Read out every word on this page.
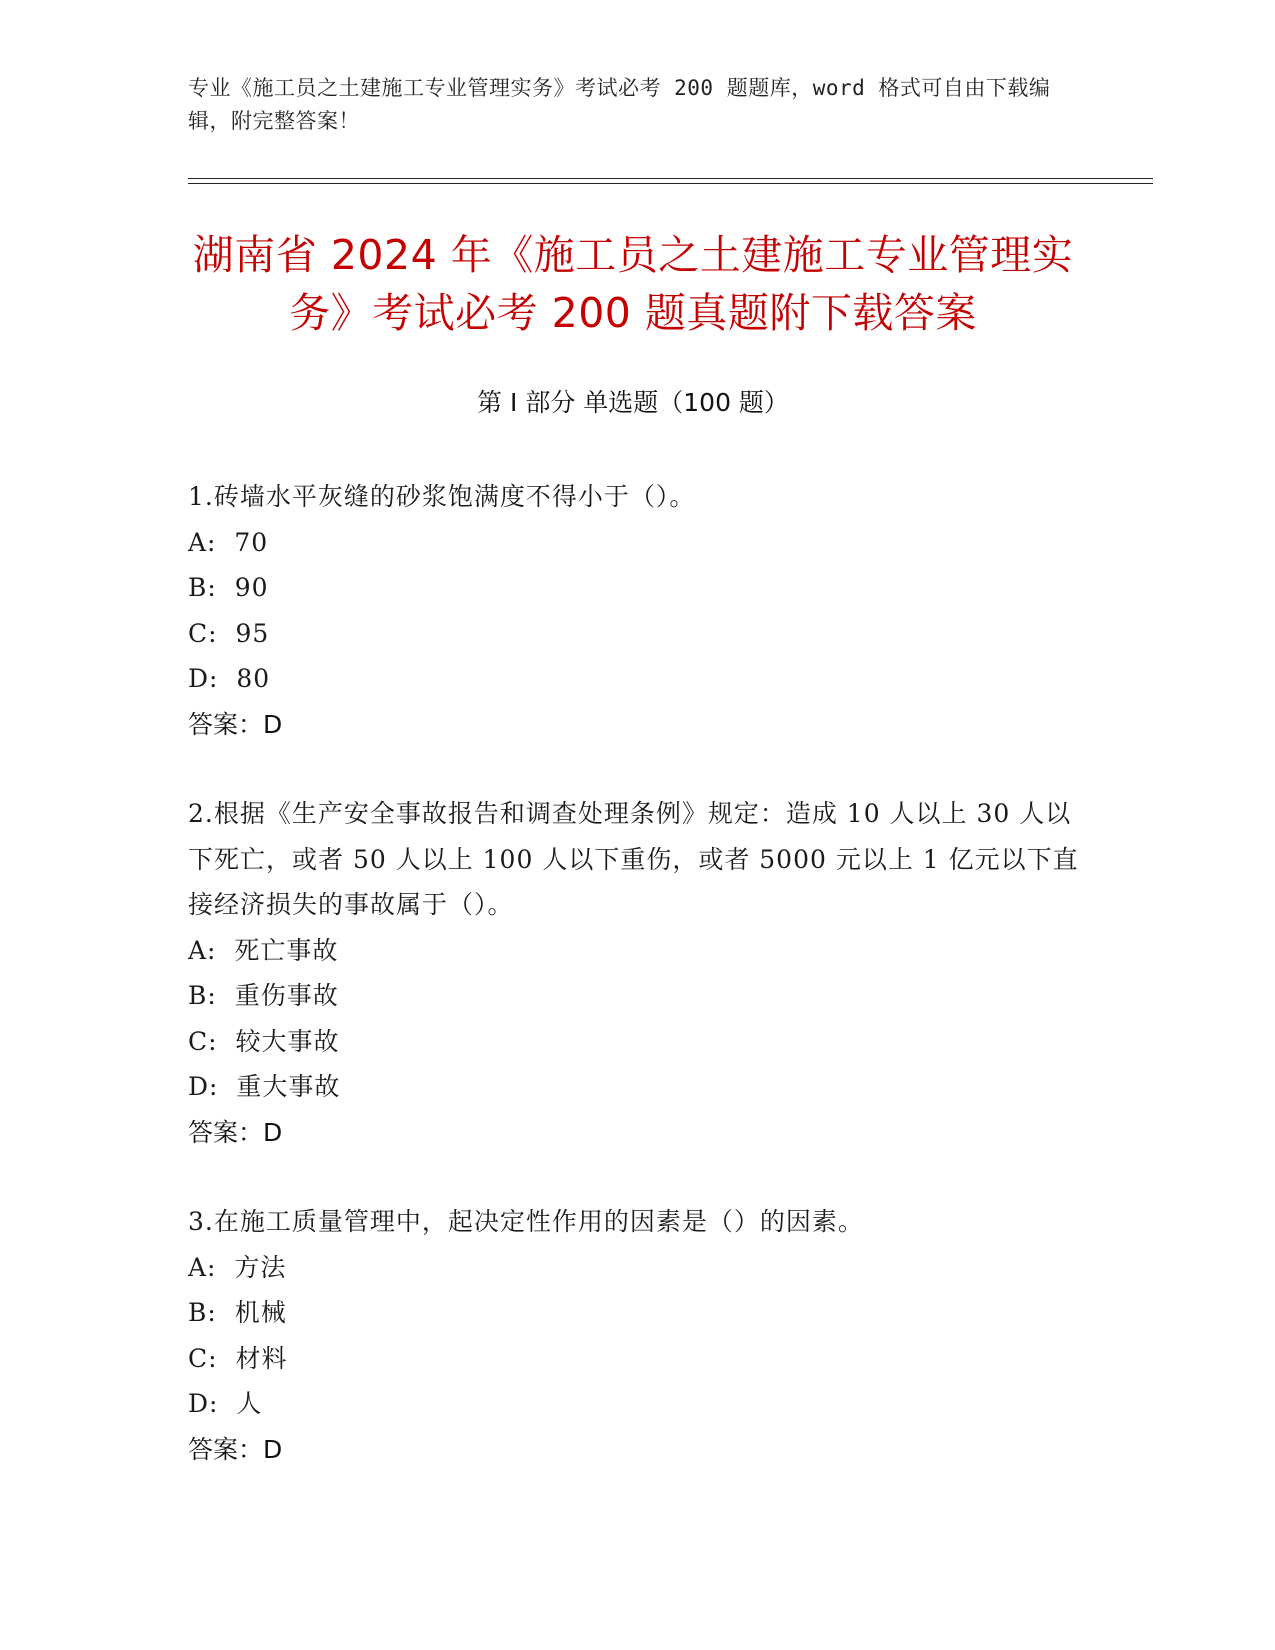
专业《施工员之土建施工专业管理实务》考试必考 200 题题库，word 格式可自由下载编辑，附完整答案！
湖南省 2024 年《施工员之土建施工专业管理实务》考试必考 200 题真题附下载答案
第 I 部分 单选题（100 题）
1.砖墙水平灰缝的砂浆饱满度不得小于（）。
A:  70
B:  90
C:  95
D:  80
答案：D
2.根据《生产安全事故报告和调查处理条例》规定：造成 10 人以上 30 人以下死亡，或者 50 人以上 100 人以下重伤，或者 5000 元以上 1 亿元以下直接经济损失的事故属于（）。
A:  死亡事故
B:  重伤事故
C:  较大事故
D:  重大事故
答案：D
3.在施工质量管理中，起决定性作用的因素是（）的因素。
A:  方法
B:  机械
C:  材料
D:  人
答案：D
